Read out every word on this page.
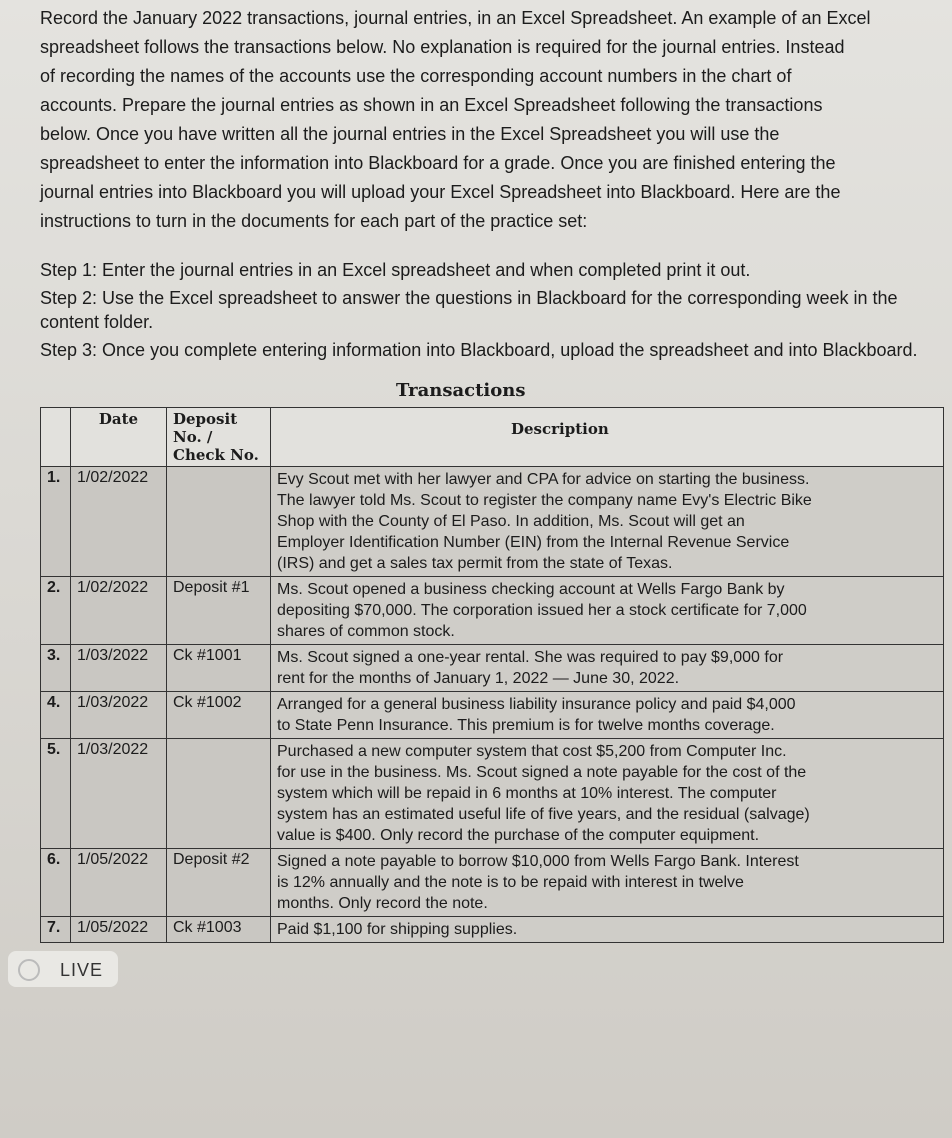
Record the January 2022 transactions, journal entries, in an Excel Spreadsheet. An example of an Excel

spreadsheet follows the transactions below. No explanation is required for the journal entries. Instead

of recording the names of the accounts use the corresponding account numbers in the chart of

accounts. Prepare the journal entries as shown in an Excel Spreadsheet following the transactions

below. Once you have written all the journal entries in the Excel Spreadsheet you will use the

spreadsheet to enter the information into Blackboard for a grade. Once you are finished entering the

journal entries into Blackboard you will upload your Excel Spreadsheet into Blackboard. Here are the

instructions to turn in the documents for each part of the practice set:

Step 1: Enter the journal entries in an Excel spreadsheet and when completed print it out.

Step 2: Use the Excel spreadsheet to answer the questions in Blackboard for the corresponding week in the content folder.

Step 3: Once you complete entering information into Blackboard, upload the spreadsheet and into Blackboard.

Transactions
	Date	Deposit No. / Check No.	Description
1.	1/02/2022		Evy Scout met with her lawyer and CPA for advice on starting the business.
The lawyer told Ms. Scout to register the company name Evy's Electric Bike
Shop with the County of El Paso. In addition, Ms. Scout will get an
Employer Identification Number (EIN) from the Internal Revenue Service
(IRS) and get a sales tax permit from the state of Texas.

2.	1/02/2022	Deposit #1	Ms. Scout opened a business checking account at Wells Fargo Bank by
depositing $70,000. The corporation issued her a stock certificate for 7,000
shares of common stock.

3.	1/03/2022	Ck #1001	Ms. Scout signed a one-year rental. She was required to pay $9,000 for
rent for the months of January 1, 2022 — June 30, 2022.

4.	1/03/2022	Ck #1002	Arranged for a general business liability insurance policy and paid $4,000
to State Penn Insurance. This premium is for twelve months coverage.

5.	1/03/2022		Purchased a new computer system that cost $5,200 from Computer Inc.
for use in the business. Ms. Scout signed a note payable for the cost of the
system which will be repaid in 6 months at 10% interest. The computer
system has an estimated useful life of five years, and the residual (salvage)
value is $400. Only record the purchase of the computer equipment.

6.	1/05/2022	Deposit #2	Signed a note payable to borrow $10,000 from Wells Fargo Bank. Interest
is 12% annually and the note is to be repaid with interest in twelve
months. Only record the note.

7.	1/05/2022	Ck #1003	Paid $1,100 for shipping supplies.
LIVE
